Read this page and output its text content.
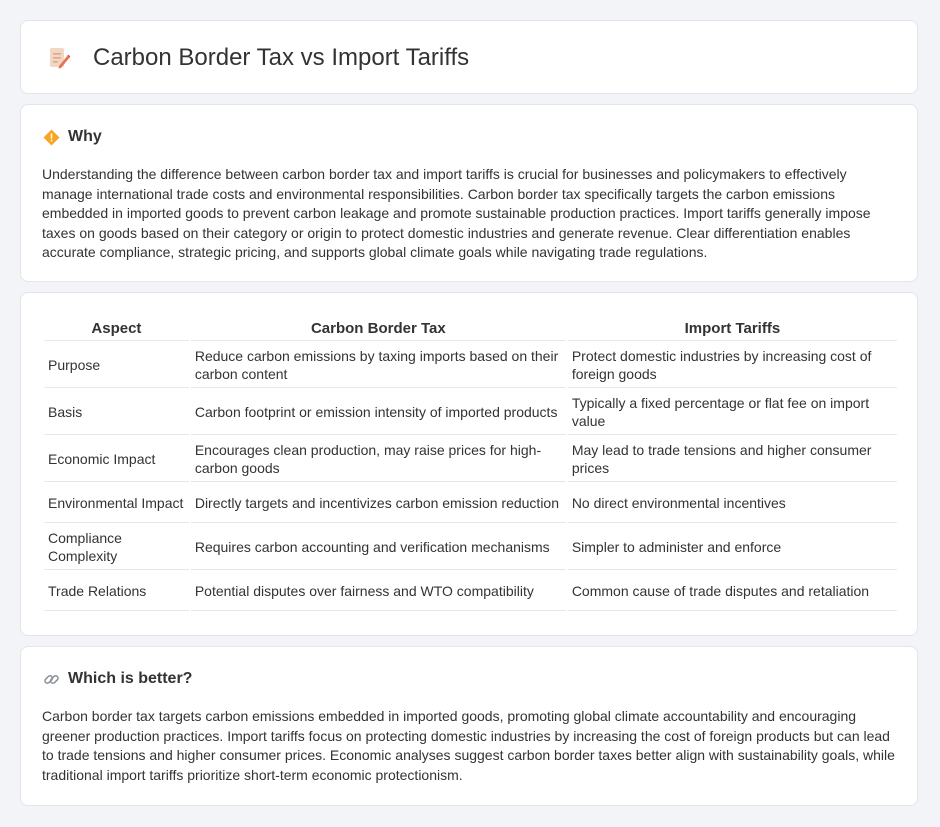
Carbon Border Tax vs Import Tariffs
Why
Understanding the difference between carbon border tax and import tariffs is crucial for businesses and policymakers to effectively manage international trade costs and environmental responsibilities. Carbon border tax specifically targets the carbon emissions embedded in imported goods to prevent carbon leakage and promote sustainable production practices. Import tariffs generally impose taxes on goods based on their category or origin to protect domestic industries and generate revenue. Clear differentiation enables accurate compliance, strategic pricing, and supports global climate goals while navigating trade regulations.
Aspect	Carbon Border Tax	Import Tariffs
Purpose	Reduce carbon emissions by taxing imports based on their carbon content	Protect domestic industries by increasing cost of foreign goods
Basis	Carbon footprint or emission intensity of imported products	Typically a fixed percentage or flat fee on import value
Economic Impact	Encourages clean production, may raise prices for high-carbon goods	May lead to trade tensions and higher consumer prices
Environmental Impact	Directly targets and incentivizes carbon emission reduction	No direct environmental incentives
Compliance Complexity	Requires carbon accounting and verification mechanisms	Simpler to administer and enforce
Trade Relations	Potential disputes over fairness and WTO compatibility	Common cause of trade disputes and retaliation
Which is better?
Carbon border tax targets carbon emissions embedded in imported goods, promoting global climate accountability and encouraging greener production practices. Import tariffs focus on protecting domestic industries by increasing the cost of foreign products but can lead to trade tensions and higher consumer prices. Economic analyses suggest carbon border taxes better align with sustainability goals, while traditional import tariffs prioritize short-term economic protectionism.
